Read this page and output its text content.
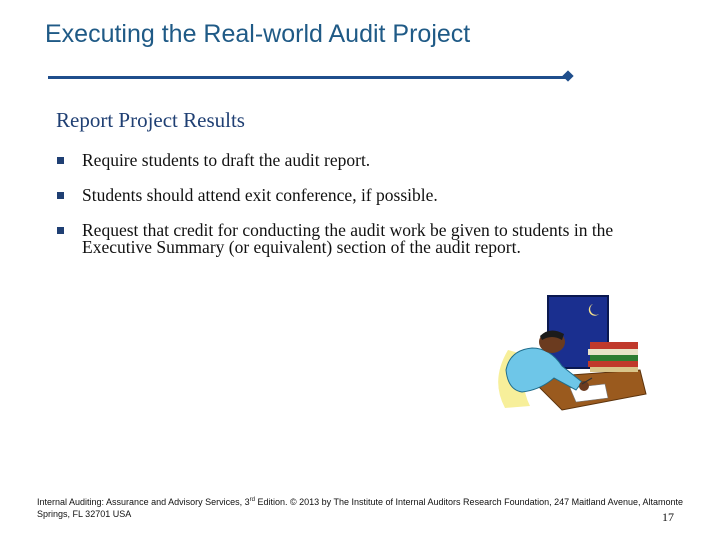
Executing the Real-world Audit Project
Report Project Results
Require students to draft the audit report.
Students should attend exit conference, if possible.
Request that credit for conducting the audit work be given to students in the Executive Summary (or equivalent) section of the audit report.
Internal Auditing: Assurance and Advisory Services, 3rd Edition. © 2013 by The Institute of Internal Auditors Research Foundation, 247 Maitland Avenue, Altamonte Springs, FL 32701 USA	17
